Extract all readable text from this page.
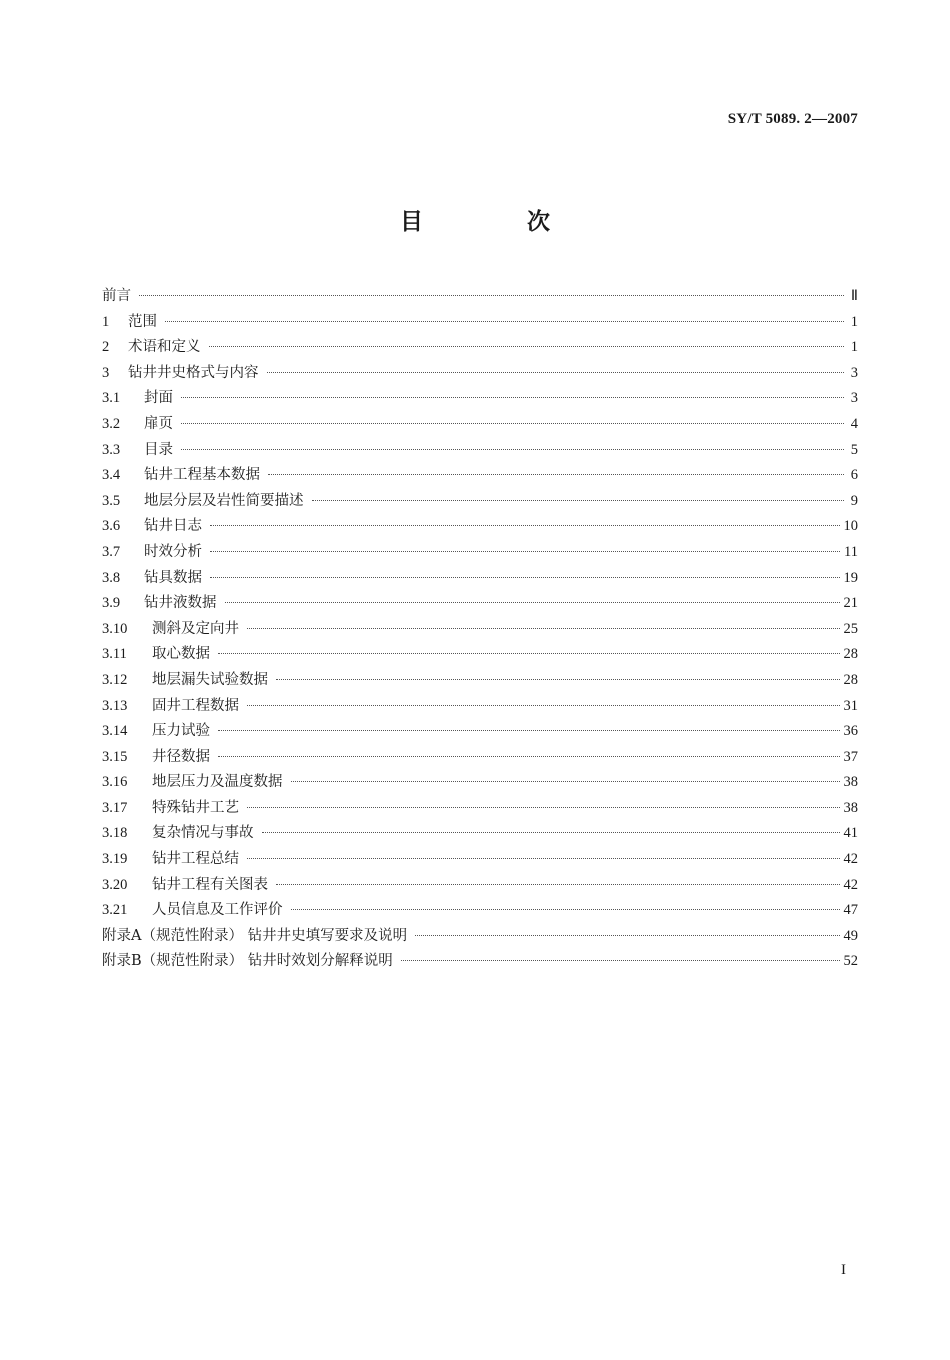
SY/T 5089. 2—2007
目 次
前言	Ⅱ
1	范围	1
2	术语和定义	1
3	钻井井史格式与内容	3
3.1	封面	3
3.2	扉页	4
3.3	目录	5
3.4	钻井工程基本数据	6
3.5	地层分层及岩性简要描述	9
3.6	钻井日志	10
3.7	时效分析	11
3.8	钻具数据	19
3.9	钻井液数据	21
3.10	测斜及定向井	25
3.11	取心数据	28
3.12	地层漏失试验数据	28
3.13	固井工程数据	31
3.14	压力试验	36
3.15	井径数据	37
3.16	地层压力及温度数据	38
3.17	特殊钻井工艺	38
3.18	复杂情况与事故	41
3.19	钻井工程总结	42
3.20	钻井工程有关图表	42
3.21	人员信息及工作评价	47
附录A（规范性附录） 钻井井史填写要求及说明	49
附录B（规范性附录） 钻井时效划分解释说明	52
I
